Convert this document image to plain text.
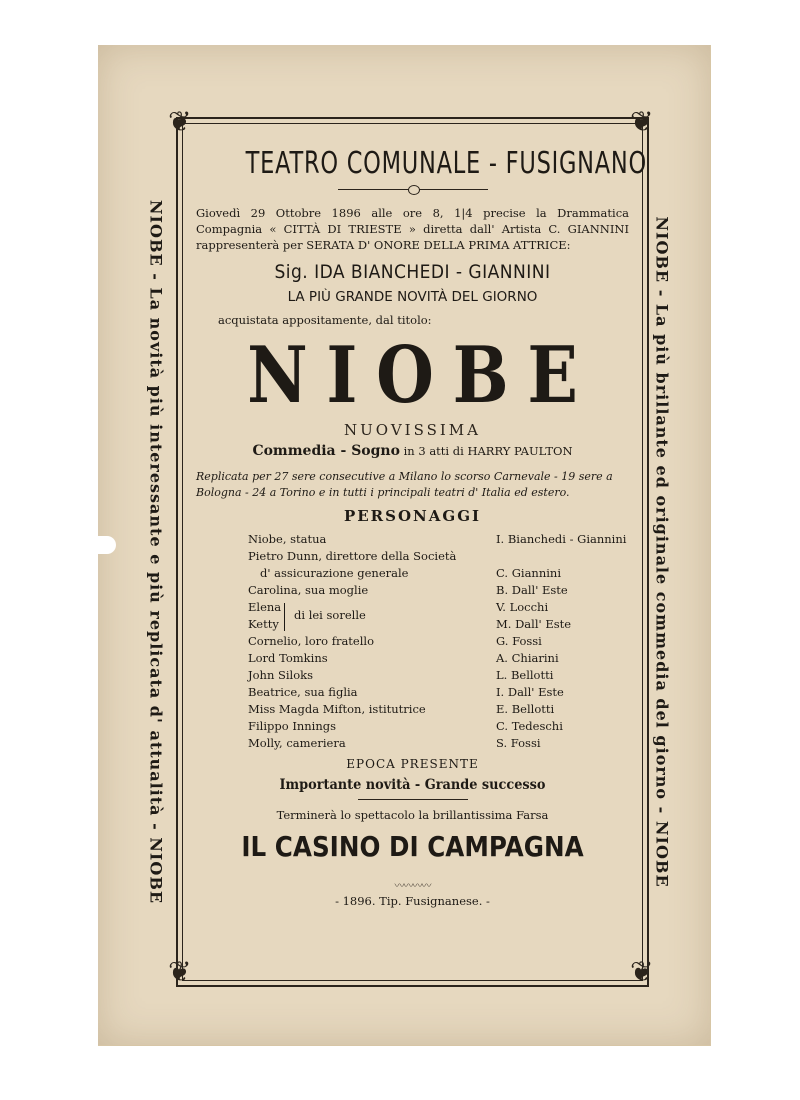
❦	❦
❦	❦
NIOBE - La novità più interessante e più replicata d' attualità - NIOBE	NIOBE - La più brillante ed originale commedia del giorno - NIOBE
TEATRO COMUNALE - FUSIGNANO
Giovedì 29 Ottobre 1896 alle ore 8, 1|4 precise la Drammatica Compagnia « CITTÀ DI TRIESTE » diretta dall' Artista C. GIANNINI rappresenterà per SERATA D' ONORE DELLA PRIMA ATTRICE:
Sig. IDA BIANCHEDI - GIANNINI
LA PIÙ GRANDE NOVITÀ DEL GIORNO
acquistata appositamente, dal titolo:
NIOBE
NUOVISSIMA
Commedia - Sogno in 3 atti di HARRY PAULTON
Replicata per 27 sere consecutive a Milano lo scorso Carnevale - 19 sere a Bologna - 24 a Torino e in tutti i principali teatri d' Italia ed estero.
PERSONAGGI
Niobe, statua	I. Bianchedi - Giannini
Pietro Dunn, direttore della Società
d' assicurazione generale	C. Giannini
Carolina, sua moglie	B. Dall' Este
Elena	V. Locchi
Ketty	M. Dall' Este
di lei sorelle
Cornelio, loro fratello	G. Fossi
Lord Tomkins	A. Chiarini
John Siloks	L. Bellotti
Beatrice, sua figlia	I. Dall' Este
Miss Magda Mifton, istitutrice	E. Bellotti
Filippo Innings	C. Tedeschi
Molly, cameriera	S. Fossi
EPOCA PRESENTE
Importante novità - Grande successo
Terminerà lo spettacolo la brillantissima Farsa
IL CASINO DI CAMPAGNA
〰〰〰〰
- 1896. Tip. Fusignanese. -
